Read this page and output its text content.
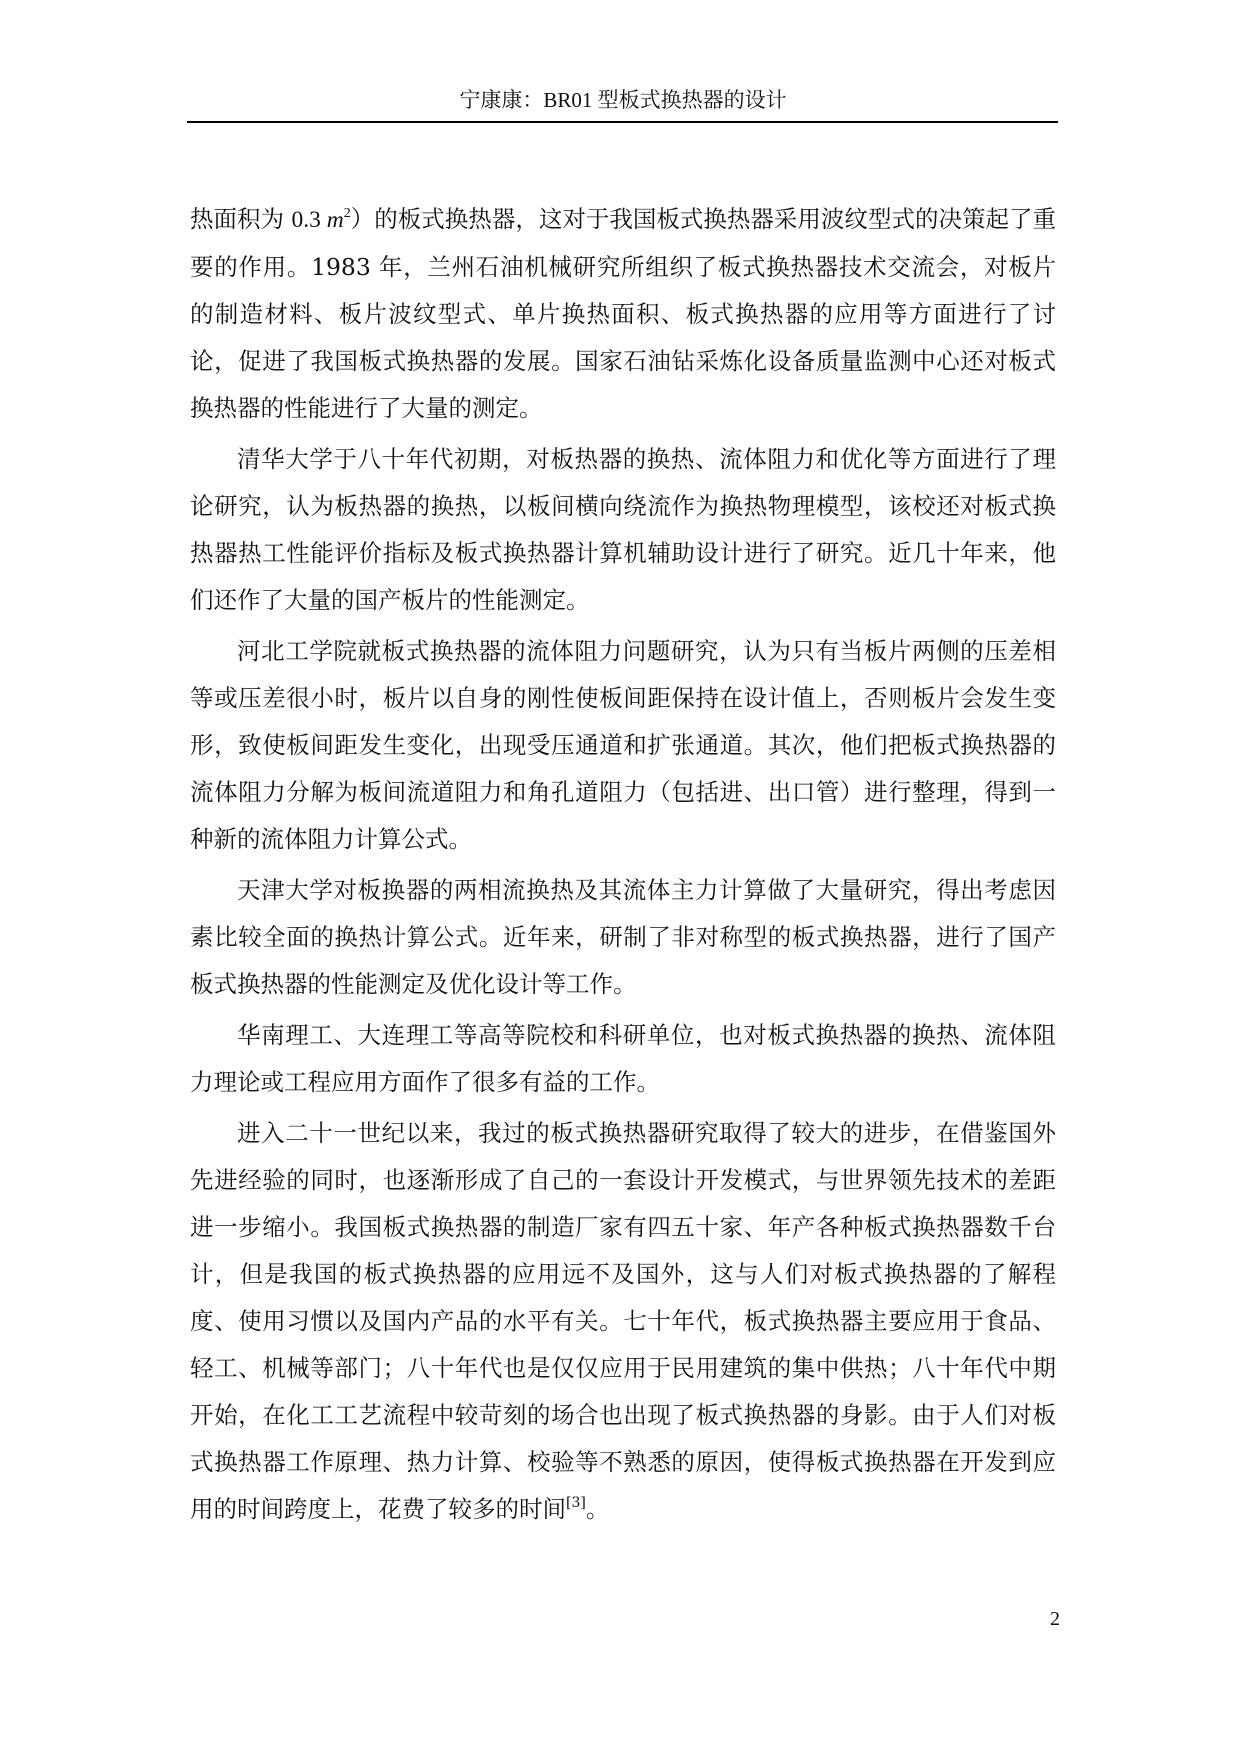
宁康康：BR01 型板式换热器的设计

热面积为 0.3 $m^2$）的板式换热器，这对于我国板式换热器采用波纹型式的决策起了重要的作用。1983 年，兰州石油机械研究所组织了板式换热器技术交流会，对板片的制造材料、板片波纹型式、单片换热面积、板式换热器的应用等方面进行了讨论，促进了我国板式换热器的发展。国家石油钻采炼化设备质量监测中心还对板式换热器的性能进行了大量的测定。

清华大学于八十年代初期，对板热器的换热、流体阻力和优化等方面进行了理论研究，认为板热器的换热，以板间横向绕流作为换热物理模型，该校还对板式换热器热工性能评价指标及板式换热器计算机辅助设计进行了研究。近几十年来，他们还作了大量的国产板片的性能测定。

河北工学院就板式换热器的流体阻力问题研究，认为只有当板片两侧的压差相等或压差很小时，板片以自身的刚性使板间距保持在设计值上，否则板片会发生变形，致使板间距发生变化，出现受压通道和扩张通道。其次，他们把板式换热器的流体阻力分解为板间流道阻力和角孔道阻力（包括进、出口管）进行整理，得到一种新的流体阻力计算公式。

天津大学对板换器的两相流换热及其流体主力计算做了大量研究，得出考虑因素比较全面的换热计算公式。近年来，研制了非对称型的板式换热器，进行了国产板式换热器的性能测定及优化设计等工作。

华南理工、大连理工等高等院校和科研单位，也对板式换热器的换热、流体阻力理论或工程应用方面作了很多有益的工作。

进入二十一世纪以来，我过的板式换热器研究取得了较大的进步，在借鉴国外先进经验的同时，也逐渐形成了自己的一套设计开发模式，与世界领先技术的差距进一步缩小。我国板式换热器的制造厂家有四五十家、年产各种板式换热器数千台计，但是我国的板式换热器的应用远不及国外，这与人们对板式换热器的了解程度、使用习惯以及国内产品的水平有关。七十年代，板式换热器主要应用于食品、轻工、机械等部门；八十年代也是仅仅应用于民用建筑的集中供热；八十年代中期开始，在化工工艺流程中较苛刻的场合也出现了板式换热器的身影。由于人们对板式换热器工作原理、热力计算、校验等不熟悉的原因，使得板式换热器在开发到应用的时间跨度上，花费了较多的时间[3]。

2
